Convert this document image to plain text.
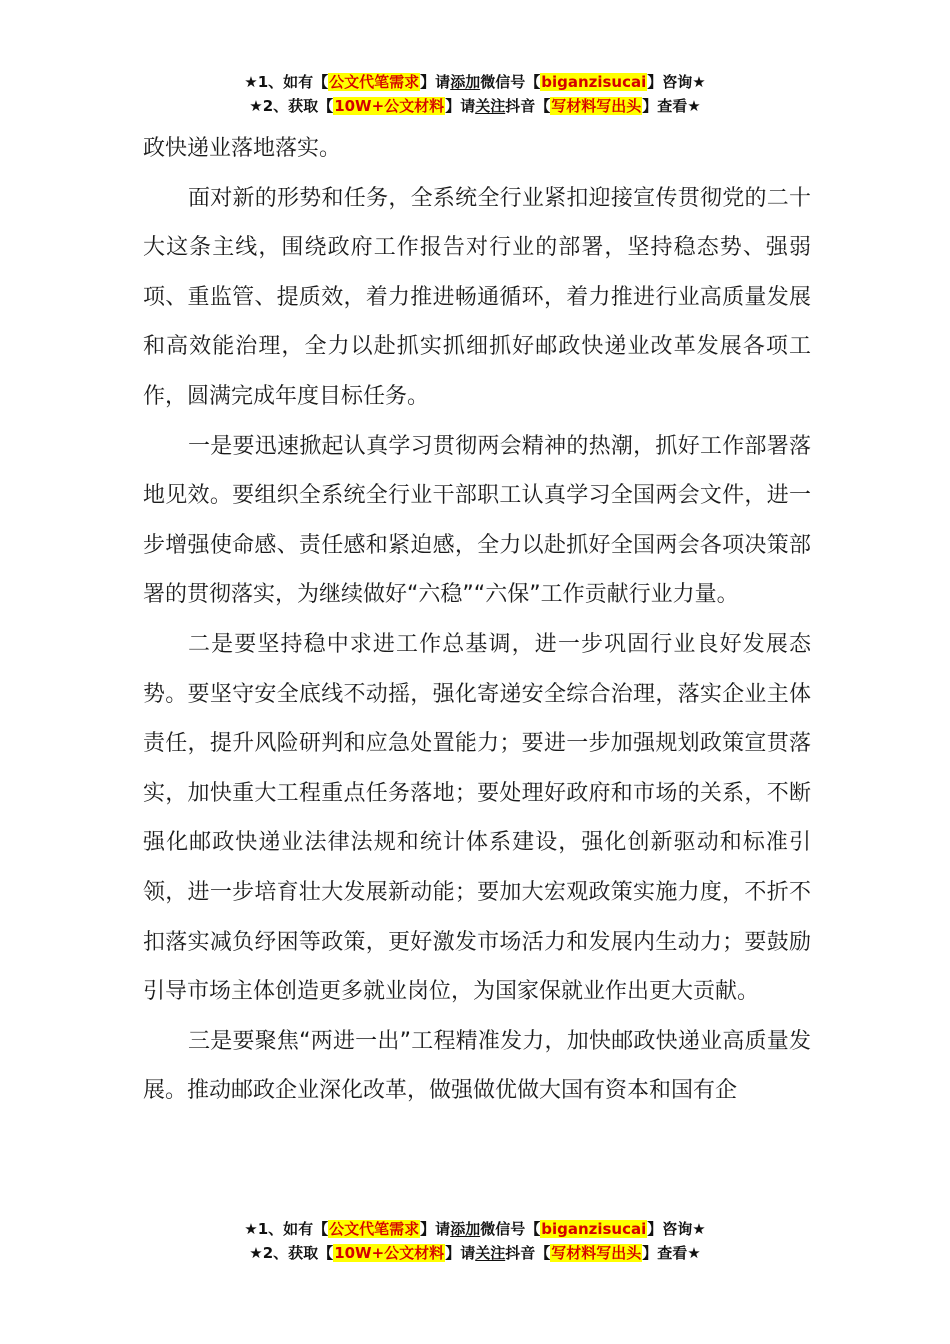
★1、如有【公文代笔需求】请添加微信号【biganzisucai】咨询★
★2、获取【10W+公文材料】请关注抖音【写材料写出头】查看★

政快递业落地落实。

面对新的形势和任务，全系统全行业紧扣迎接宣传贯彻党的二十大这条主线，围绕政府工作报告对行业的部署，坚持稳态势、强弱项、重监管、提质效，着力推进畅通循环，着力推进行业高质量发展和高效能治理，全力以赴抓实抓细抓好邮政快递业改革发展各项工作，圆满完成年度目标任务。

一是要迅速掀起认真学习贯彻两会精神的热潮，抓好工作部署落地见效。要组织全系统全行业干部职工认真学习全国两会文件，进一步增强使命感、责任感和紧迫感，全力以赴抓好全国两会各项决策部署的贯彻落实，为继续做好“六稳”“六保”工作贡献行业力量。

二是要坚持稳中求进工作总基调，进一步巩固行业良好发展态势。要坚守安全底线不动摇，强化寄递安全综合治理，落实企业主体责任，提升风险研判和应急处置能力；要进一步加强规划政策宣贯落实，加快重大工程重点任务落地；要处理好政府和市场的关系，不断强化邮政快递业法律法规和统计体系建设，强化创新驱动和标准引领，进一步培育壮大发展新动能；要加大宏观政策实施力度，不折不扣落实减负纾困等政策，更好激发市场活力和发展内生动力；要鼓励引导市场主体创造更多就业岗位，为国家保就业作出更大贡献。

三是要聚焦“两进一出”工程精准发力，加快邮政快递业高质量发展。推动邮政企业深化改革，做强做优做大国有资本和国有企

★1、如有【公文代笔需求】请添加微信号【biganzisucai】咨询★
★2、获取【10W+公文材料】请关注抖音【写材料写出头】查看★
